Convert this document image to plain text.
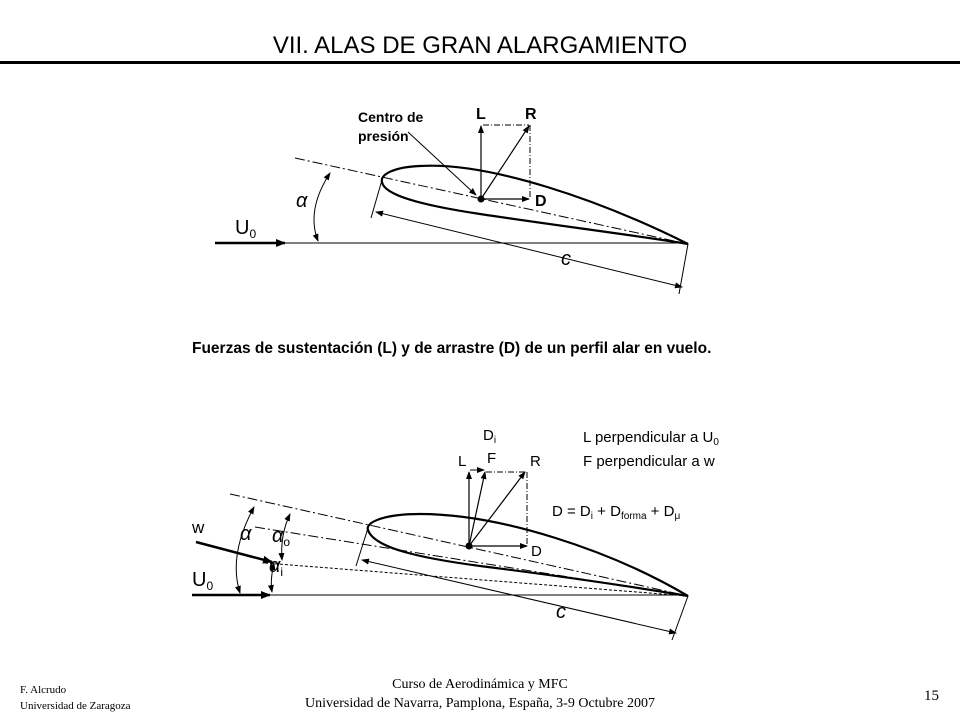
VII. ALAS DE GRAN ALARGAMIENTO
$U_0$
α
Centro de
presión
L R
D
c
Fuerzas de sustentación (L) y de arrastre (D) de un perfil alar en vuelo.
$U_0$
w α $\alpha_o$
$\alpha_i$
$D_i$
L F R
D
L perpendicular a $U_0$
F perpendicular a w
$D = D_i + D_{forma} + D_\mu$
c
F. Alcrudo
Universidad de Zaragoza
Curso de Aerodinámica y MFC
Universidad de Navarra, Pamplona, España, 3-9 Octubre 2007	15
